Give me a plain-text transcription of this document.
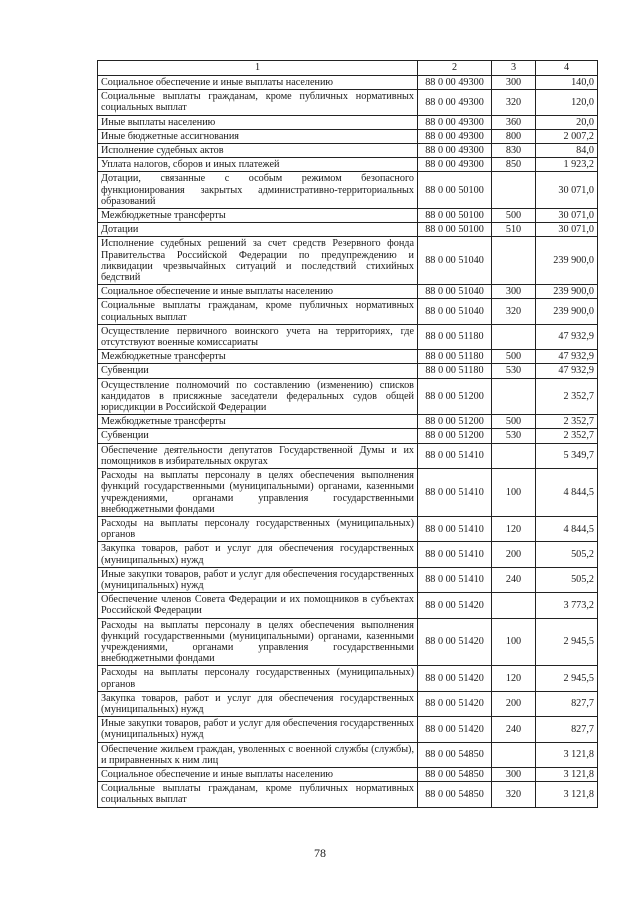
1	2	3	4
Социальное обеспечение и иные выплаты населению	88 0 00 49300	300	140,0
Социальные выплаты гражданам, кроме публичных нормативных социальных выплат	88 0 00 49300	320	120,0
Иные выплаты населению	88 0 00 49300	360	20,0
Иные бюджетные ассигнования	88 0 00 49300	800	2 007,2
Исполнение судебных актов	88 0 00 49300	830	84,0
Уплата налогов, сборов и иных платежей	88 0 00 49300	850	1 923,2
Дотации, связанные с особым режимом безопасного функционирования закрытых административно-территориальных образований	88 0 00 50100		30 071,0
Межбюджетные трансферты	88 0 00 50100	500	30 071,0
Дотации	88 0 00 50100	510	30 071,0
Исполнение судебных решений за счет средств Резервного фонда Правительства Российской Федерации по предупреждению и ликвидации чрезвычайных ситуаций и последствий стихийных бедствий	88 0 00 51040		239 900,0
Социальное обеспечение и иные выплаты населению	88 0 00 51040	300	239 900,0
Социальные выплаты гражданам, кроме публичных нормативных социальных выплат	88 0 00 51040	320	239 900,0
Осуществление первичного воинского учета на территориях, где отсутствуют военные комиссариаты	88 0 00 51180		47 932,9
Межбюджетные трансферты	88 0 00 51180	500	47 932,9
Субвенции	88 0 00 51180	530	47 932,9
Осуществление полномочий по составлению (изменению) списков кандидатов в присяжные заседатели федеральных судов общей юрисдикции в Российской Федерации	88 0 00 51200		2 352,7
Межбюджетные трансферты	88 0 00 51200	500	2 352,7
Субвенции	88 0 00 51200	530	2 352,7
Обеспечение деятельности депутатов Государственной Думы и их помощников в избирательных округах	88 0 00 51410		5 349,7
Расходы на выплаты персоналу в целях обеспечения выполнения функций государственными (муниципальными) органами, казенными учреждениями, органами управления государственными внебюджетными фондами	88 0 00 51410	100	4 844,5
Расходы на выплаты персоналу государственных (муниципальных) органов	88 0 00 51410	120	4 844,5
Закупка товаров, работ и услуг для обеспечения государственных (муниципальных) нужд	88 0 00 51410	200	505,2
Иные закупки товаров, работ и услуг для обеспечения государственных (муниципальных) нужд	88 0 00 51410	240	505,2
Обеспечение членов Совета Федерации и их помощников в субъектах Российской Федерации	88 0 00 51420		3 773,2
Расходы на выплаты персоналу в целях обеспечения выполнения функций государственными (муниципальными) органами, казенными учреждениями, органами управления государственными внебюджетными фондами	88 0 00 51420	100	2 945,5
Расходы на выплаты персоналу государственных (муниципальных) органов	88 0 00 51420	120	2 945,5
Закупка товаров, работ и услуг для обеспечения государственных (муниципальных) нужд	88 0 00 51420	200	827,7
Иные закупки товаров, работ и услуг для обеспечения государственных (муниципальных) нужд	88 0 00 51420	240	827,7
Обеспечение жильем граждан, уволенных с военной службы (службы), и приравненных к ним лиц	88 0 00 54850		3 121,8
Социальное обеспечение и иные выплаты населению	88 0 00 54850	300	3 121,8
Социальные выплаты гражданам, кроме публичных нормативных социальных выплат	88 0 00 54850	320	3 121,8
78
